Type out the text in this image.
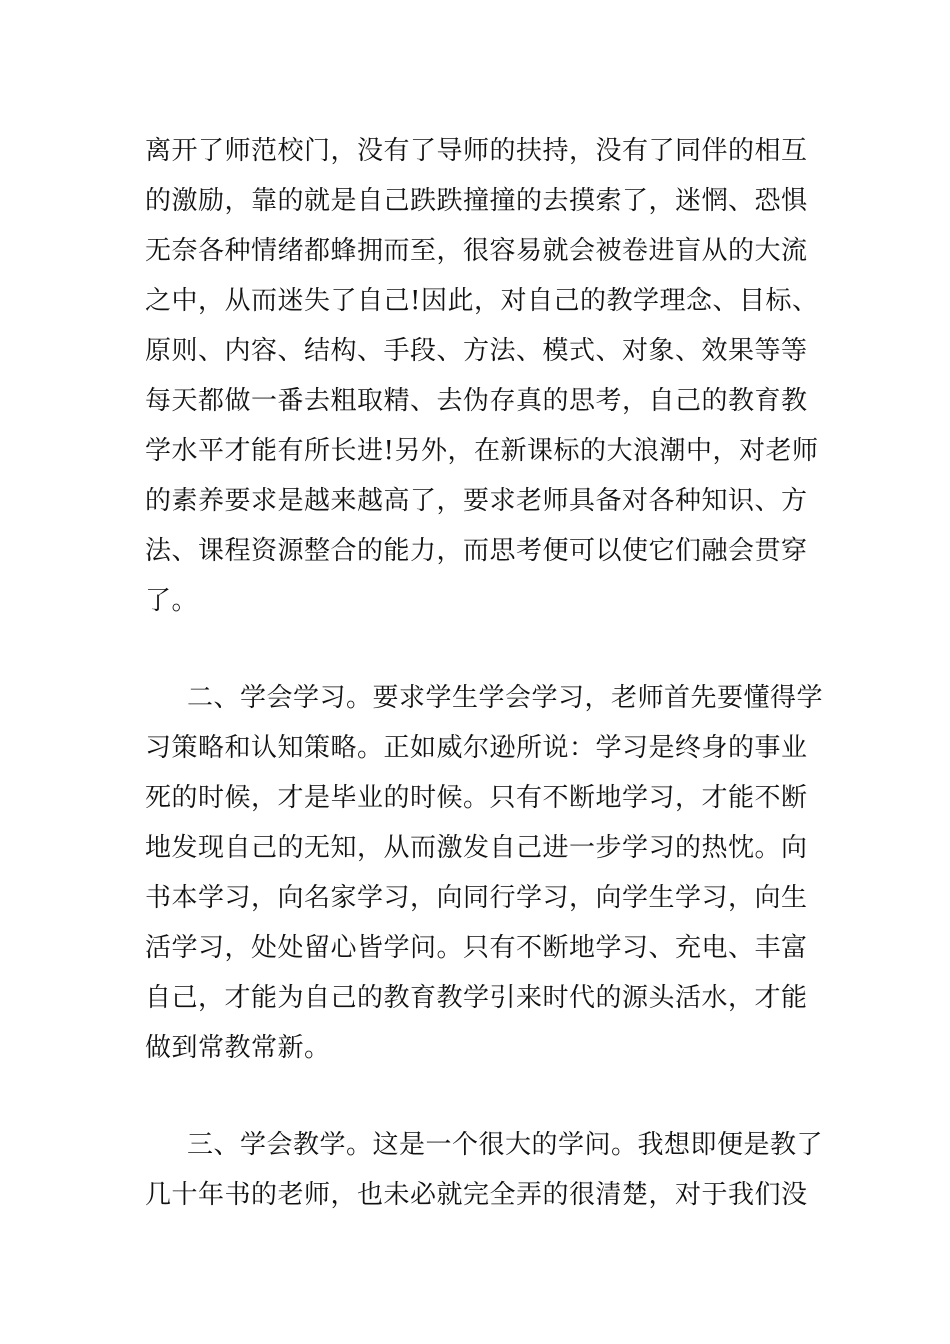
离开了师范校门，没有了导师的扶持，没有了同伴的相互
的激励，靠的就是自己跌跌撞撞的去摸索了，迷惘、恐惧
无奈各种情绪都蜂拥而至，很容易就会被卷进盲从的大流
之中，从而迷失了自己!因此，对自己的教学理念、目标、
原则、内容、结构、手段、方法、模式、对象、效果等等
每天都做一番去粗取精、去伪存真的思考，自己的教育教
学水平才能有所长进!另外，在新课标的大浪潮中，对老师
的素养要求是越来越高了，要求老师具备对各种知识、方
法、课程资源整合的能力，而思考便可以使它们融会贯穿
了。
二、学会学习。要求学生学会学习，老师首先要懂得学
习策略和认知策略。正如威尔逊所说：学习是终身的事业
死的时候，才是毕业的时候。只有不断地学习，才能不断
地发现自己的无知，从而激发自己进一步学习的热忱。向
书本学习，向名家学习，向同行学习，向学生学习，向生
活学习，处处留心皆学问。只有不断地学习、充电、丰富
自己，才能为自己的教育教学引来时代的源头活水，才能
做到常教常新。
三、学会教学。这是一个很大的学问。我想即便是教了
几十年书的老师，也未必就完全弄的很清楚，对于我们没
